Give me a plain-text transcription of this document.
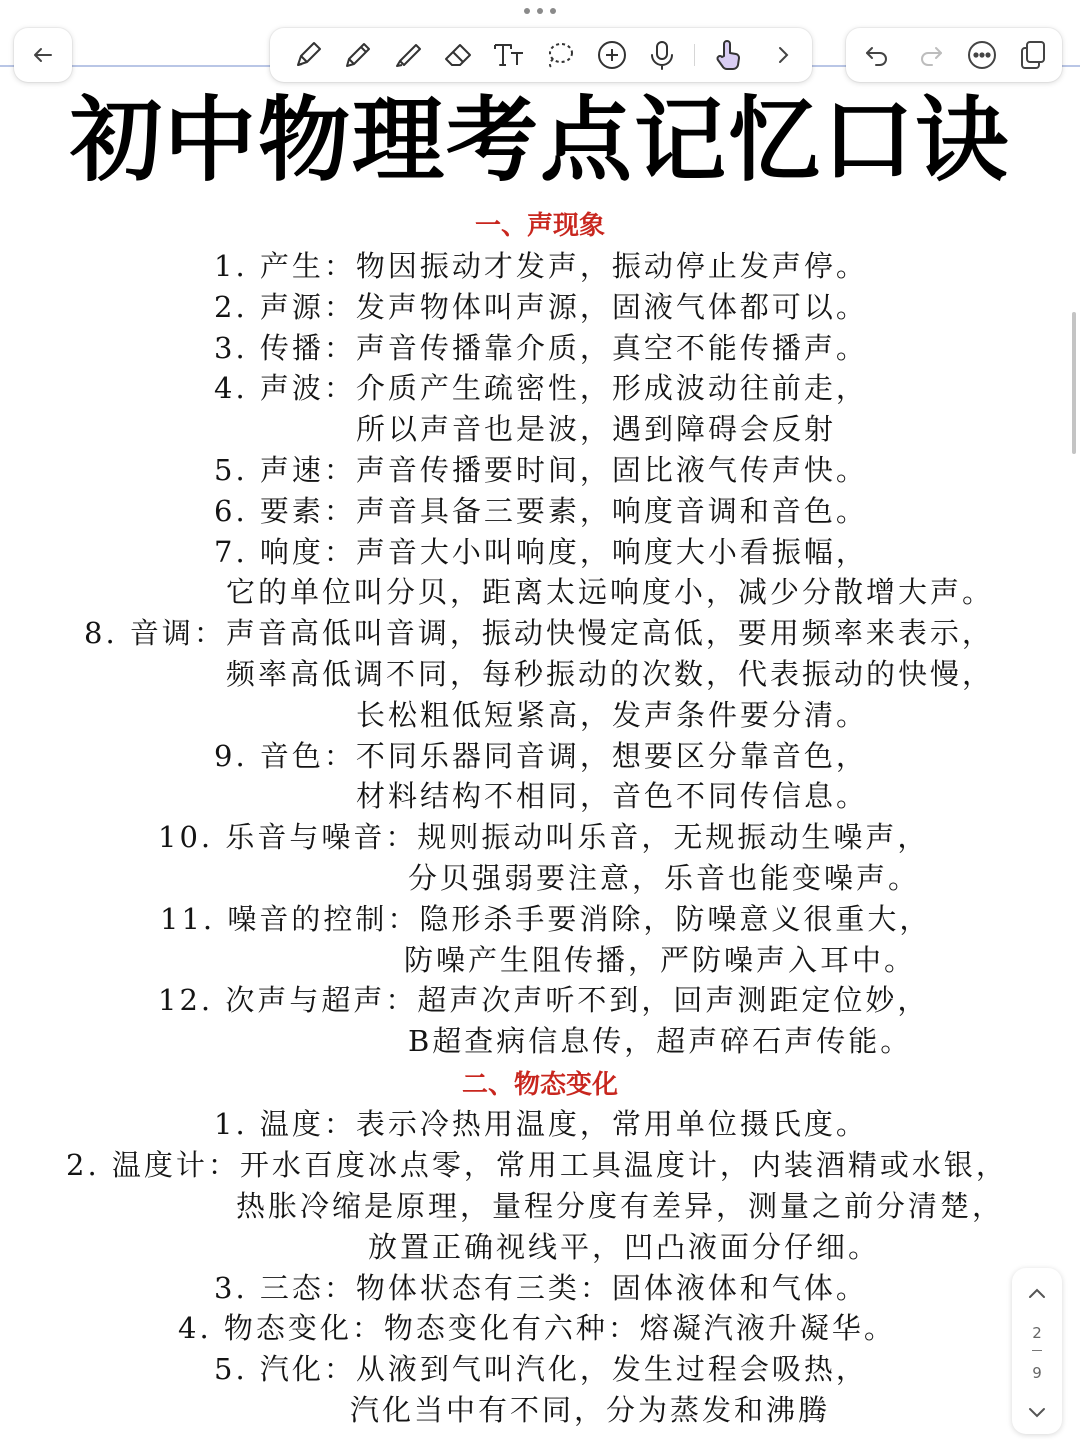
初中物理考点记忆口诀
一、声现象
1. 产生：物因振动才发声，振动停止发声停。
2. 声源：发声物体叫声源，固液气体都可以。
3. 传播：声音传播靠介质，真空不能传播声。
4. 声波：介质产生疏密性，形成波动往前走，
所以声音也是波，遇到障碍会反射
5. 声速：声音传播要时间，固比液气传声快。
6. 要素：声音具备三要素，响度音调和音色。
7. 响度：声音大小叫响度，响度大小看振幅，
它的单位叫分贝，距离太远响度小，减少分散增大声。
8. 音调：声音高低叫音调，振动快慢定高低，要用频率来表示，
频率高低调不同，每秒振动的次数，代表振动的快慢，
长松粗低短紧高，发声条件要分清。
9. 音色：不同乐器同音调，想要区分靠音色，
材料结构不相同，音色不同传信息。
10. 乐音与噪音：规则振动叫乐音，无规振动生噪声，
分贝强弱要注意，乐音也能变噪声。
11. 噪音的控制：隐形杀手要消除，防噪意义很重大，
防噪产生阻传播，严防噪声入耳中。
12. 次声与超声：超声次声听不到，回声测距定位妙，
B超查病信息传，超声碎石声传能。
二、物态变化
1. 温度：表示冷热用温度，常用单位摄氏度。
2. 温度计：开水百度冰点零，常用工具温度计，内装酒精或水银，
热胀冷缩是原理，量程分度有差异，测量之前分清楚，
放置正确视线平，凹凸液面分仔细。
3. 三态：物体状态有三类：固体液体和气体。
4. 物态变化：物态变化有六种：熔凝汽液升凝华。
5. 汽化：从液到气叫汽化，发生过程会吸热，
汽化当中有不同，分为蒸发和沸腾
2
9
